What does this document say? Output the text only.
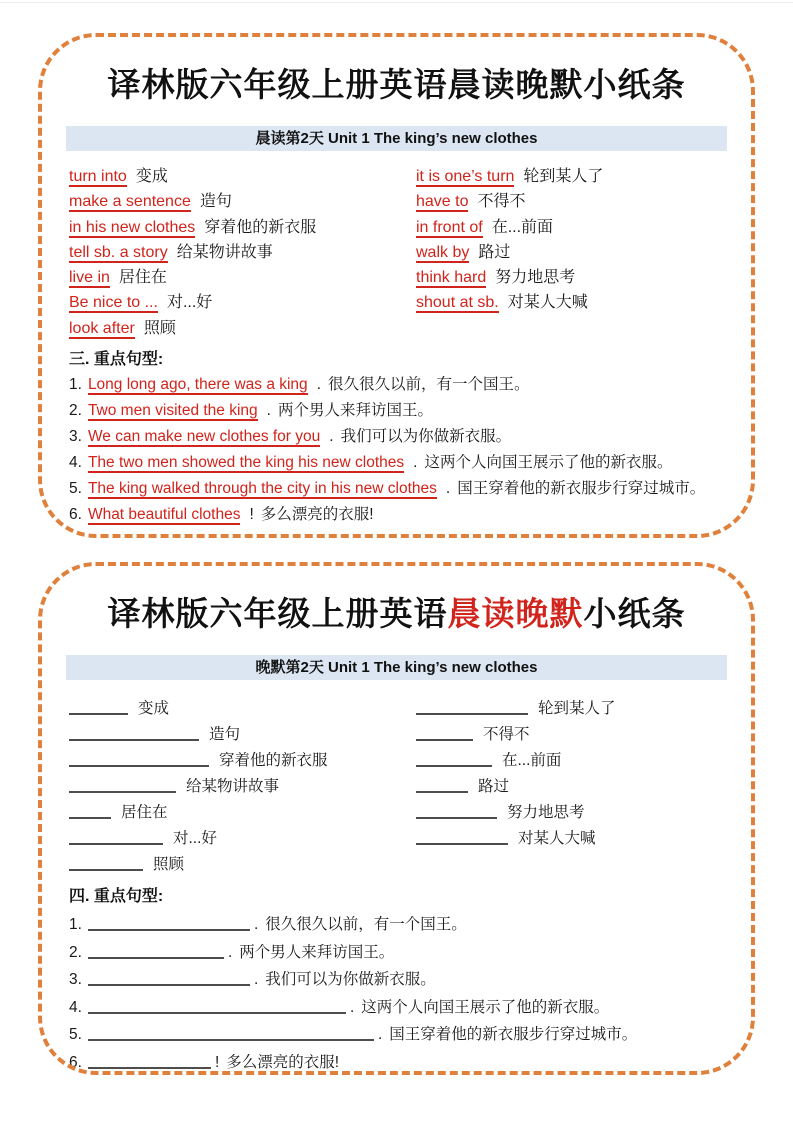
译林版六年级上册英语晨读晚默小纸条
晨读第2天 Unit 1 The king’s new clothes
turn into 变成
make a sentence 造句
in his new clothes 穿着他的新衣服
tell sb. a story 给某物讲故事
live in 居住在
Be nice to ... 对...好
look after 照顾
it is one’s turn 轮到某人了
have to 不得不
in front of 在...前面
walk by 路过
think hard 努力地思考
shout at sb. 对某人大喊
三. 重点句型:
1. Long long ago, there was a king . 很久很久以前，有一个国王。
2. Two men visited the king . 两个男人来拜访国王。
3. We can make new clothes for you . 我们可以为你做新衣服。
4. The two men showed the king his new clothes . 这两个人向国王展示了他的新衣服。
5. The king walked through the city in his new clothes . 国王穿着他的新衣服步行穿过城市。
6. What beautiful clothes ! 多么漂亮的衣服!
译林版六年级上册英语晨读晚默小纸条
晚默第2天 Unit 1 The king’s new clothes
变成
造句
穿着他的新衣服
给某物讲故事
居住在
对...好
照顾
轮到某人了
不得不
在...前面
路过
努力地思考
对某人大喊
四. 重点句型:
1.	. 很久很久以前，有一个国王。
2.	. 两个男人来拜访国王。
3.	. 我们可以为你做新衣服。
4.	. 这两个人向国王展示了他的新衣服。
5.	. 国王穿着他的新衣服步行穿过城市。
6.	! 多么漂亮的衣服!
